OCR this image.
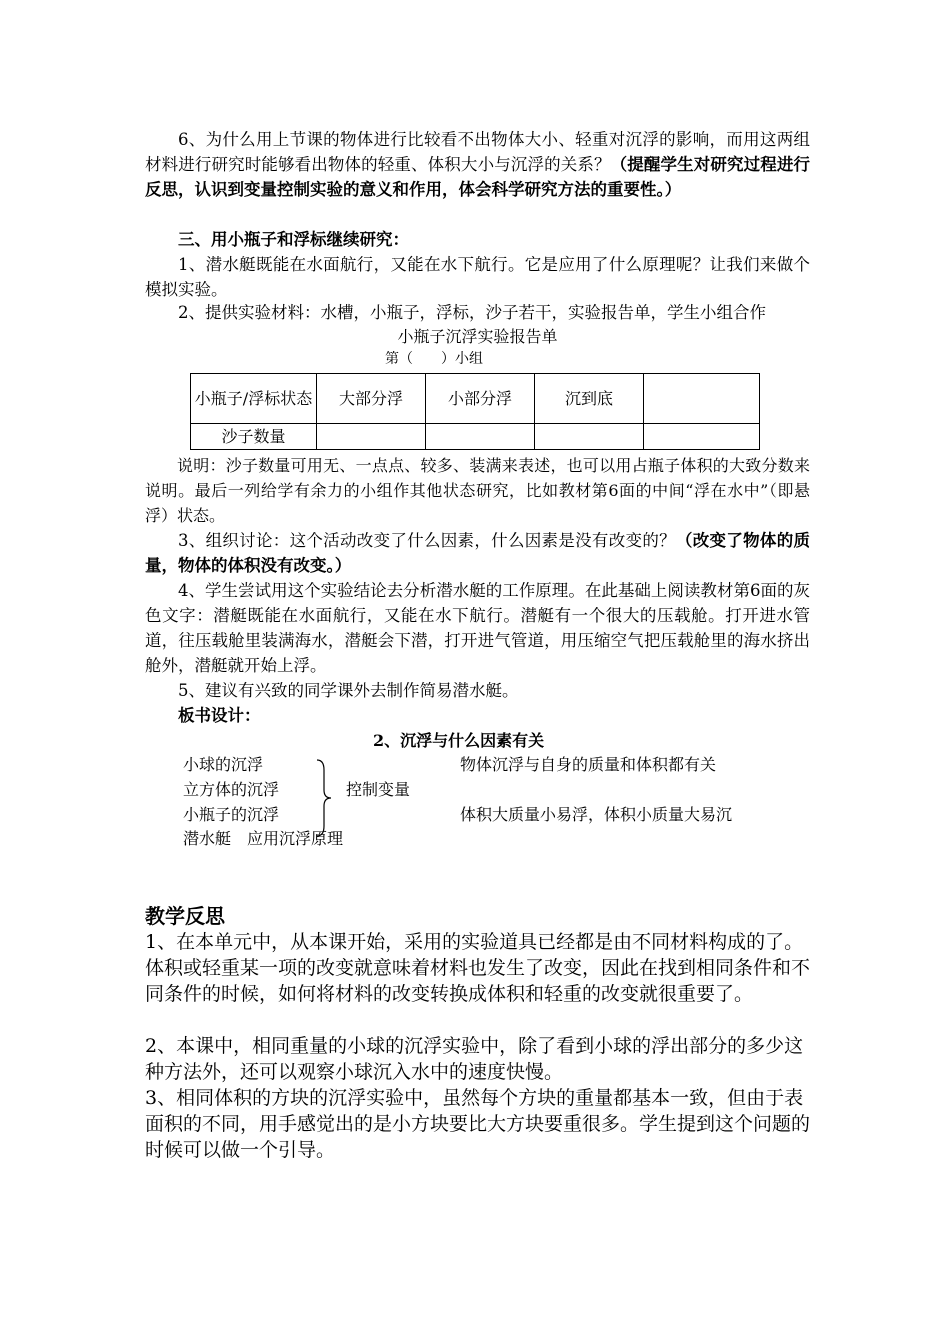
6、为什么用上节课的物体进行比较看不出物体大小、轻重对沉浮的影响，而用这两组材料进行研究时能够看出物体的轻重、体积大小与沉浮的关系？（提醒学生对研究过程进行反思，认识到变量控制实验的意义和作用，体会科学研究方法的重要性。）

三、用小瓶子和浮标继续研究：

1、潜水艇既能在水面航行，又能在水下航行。它是应用了什么原理呢？让我们来做个模拟实验。

2、提供实验材料：水槽，小瓶子，浮标，沙子若干，实验报告单，学生小组合作

小瓶子沉浮实验报告单

第（　　）小组

小瓶子/浮标状态	大部分浮	小部分浮	沉到底	
沙子数量				

说明：沙子数量可用无、一点点、较多、装满来表述，也可以用占瓶子体积的大致分数来说明。最后一列给学有余力的小组作其他状态研究，比如教材第6面的中间“浮在水中”（即悬浮）状态。

3、组织讨论：这个活动改变了什么因素，什么因素是没有改变的？（改变了物体的质量，物体的体积没有改变。）

4、学生尝试用这个实验结论去分析潜水艇的工作原理。在此基础上阅读教材第6面的灰色文字：潜艇既能在水面航行，又能在水下航行。潜艇有一个很大的压载舱。打开进水管道，往压载舱里装满海水，潜艇会下潜，打开进气管道，用压缩空气把压载舱里的海水挤出舱外，潜艇就开始上浮。

5、建议有兴致的同学课外去制作简易潜水艇。

板书设计：

2、沉浮与什么因素有关
小球的沉浮
立方体的沉浮
小瓶子的沉浮
潜水艇　应用沉浮原理
控制变量
物体沉浮与自身的质量和体积都有关
体积大质量小易浮，体积小质量大易沉

教学反思

1、在本单元中，从本课开始，采用的实验道具已经都是由不同材料构成的了。体积或轻重某一项的改变就意味着材料也发生了改变，因此在找到相同条件和不同条件的时候，如何将材料的改变转换成体积和轻重的改变就很重要了。

2、本课中，相同重量的小球的沉浮实验中，除了看到小球的浮出部分的多少这种方法外，还可以观察小球沉入水中的速度快慢。

3、相同体积的方块的沉浮实验中，虽然每个方块的重量都基本一致，但由于表面积的不同，用手感觉出的是小方块要比大方块要重很多。学生提到这个问题的时候可以做一个引导。
